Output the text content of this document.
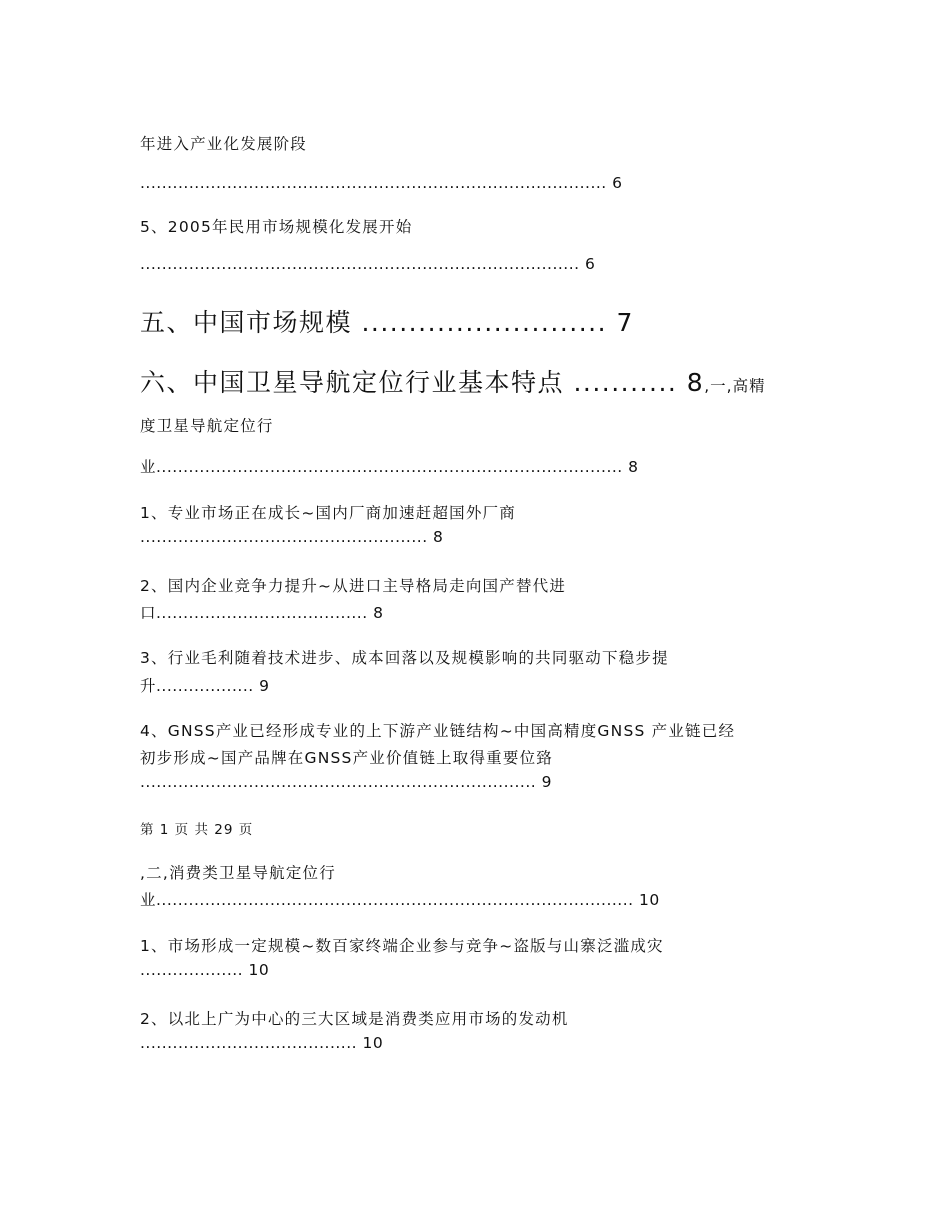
年进入产业化发展阶段

...................................................................................... 6

5、2005年民用市场规模化发展开始

................................................................................. 6

五、中国市场规模 .......................... 7

六、中国卫星导航定位行业基本特点 ........... 8,一,高精

度卫星导航定位行

业...................................................................................... 8

1、专业市场正在成长~国内厂商加速赶超国外厂商

..................................................... 8

2、国内企业竞争力提升~从进口主导格局走向国产替代进

口....................................... 8

3、行业毛利随着技术进步、成本回落以及规模影响的共同驱动下稳步提

升.................. 9

4、GNSS产业已经形成专业的上下游产业链结构~中国高精度GNSS 产业链已经

初步形成~国产品牌在GNSS产业价值链上取得重要位臵

......................................................................... 9

第 1 页 共 29 页

,二,消费类卫星导航定位行

业........................................................................................ 10

1、市场形成一定规模~数百家终端企业参与竞争~盗版与山寨泛滥成灾

................... 10

2、以北上广为中心的三大区域是消费类应用市场的发动机

........................................ 10
